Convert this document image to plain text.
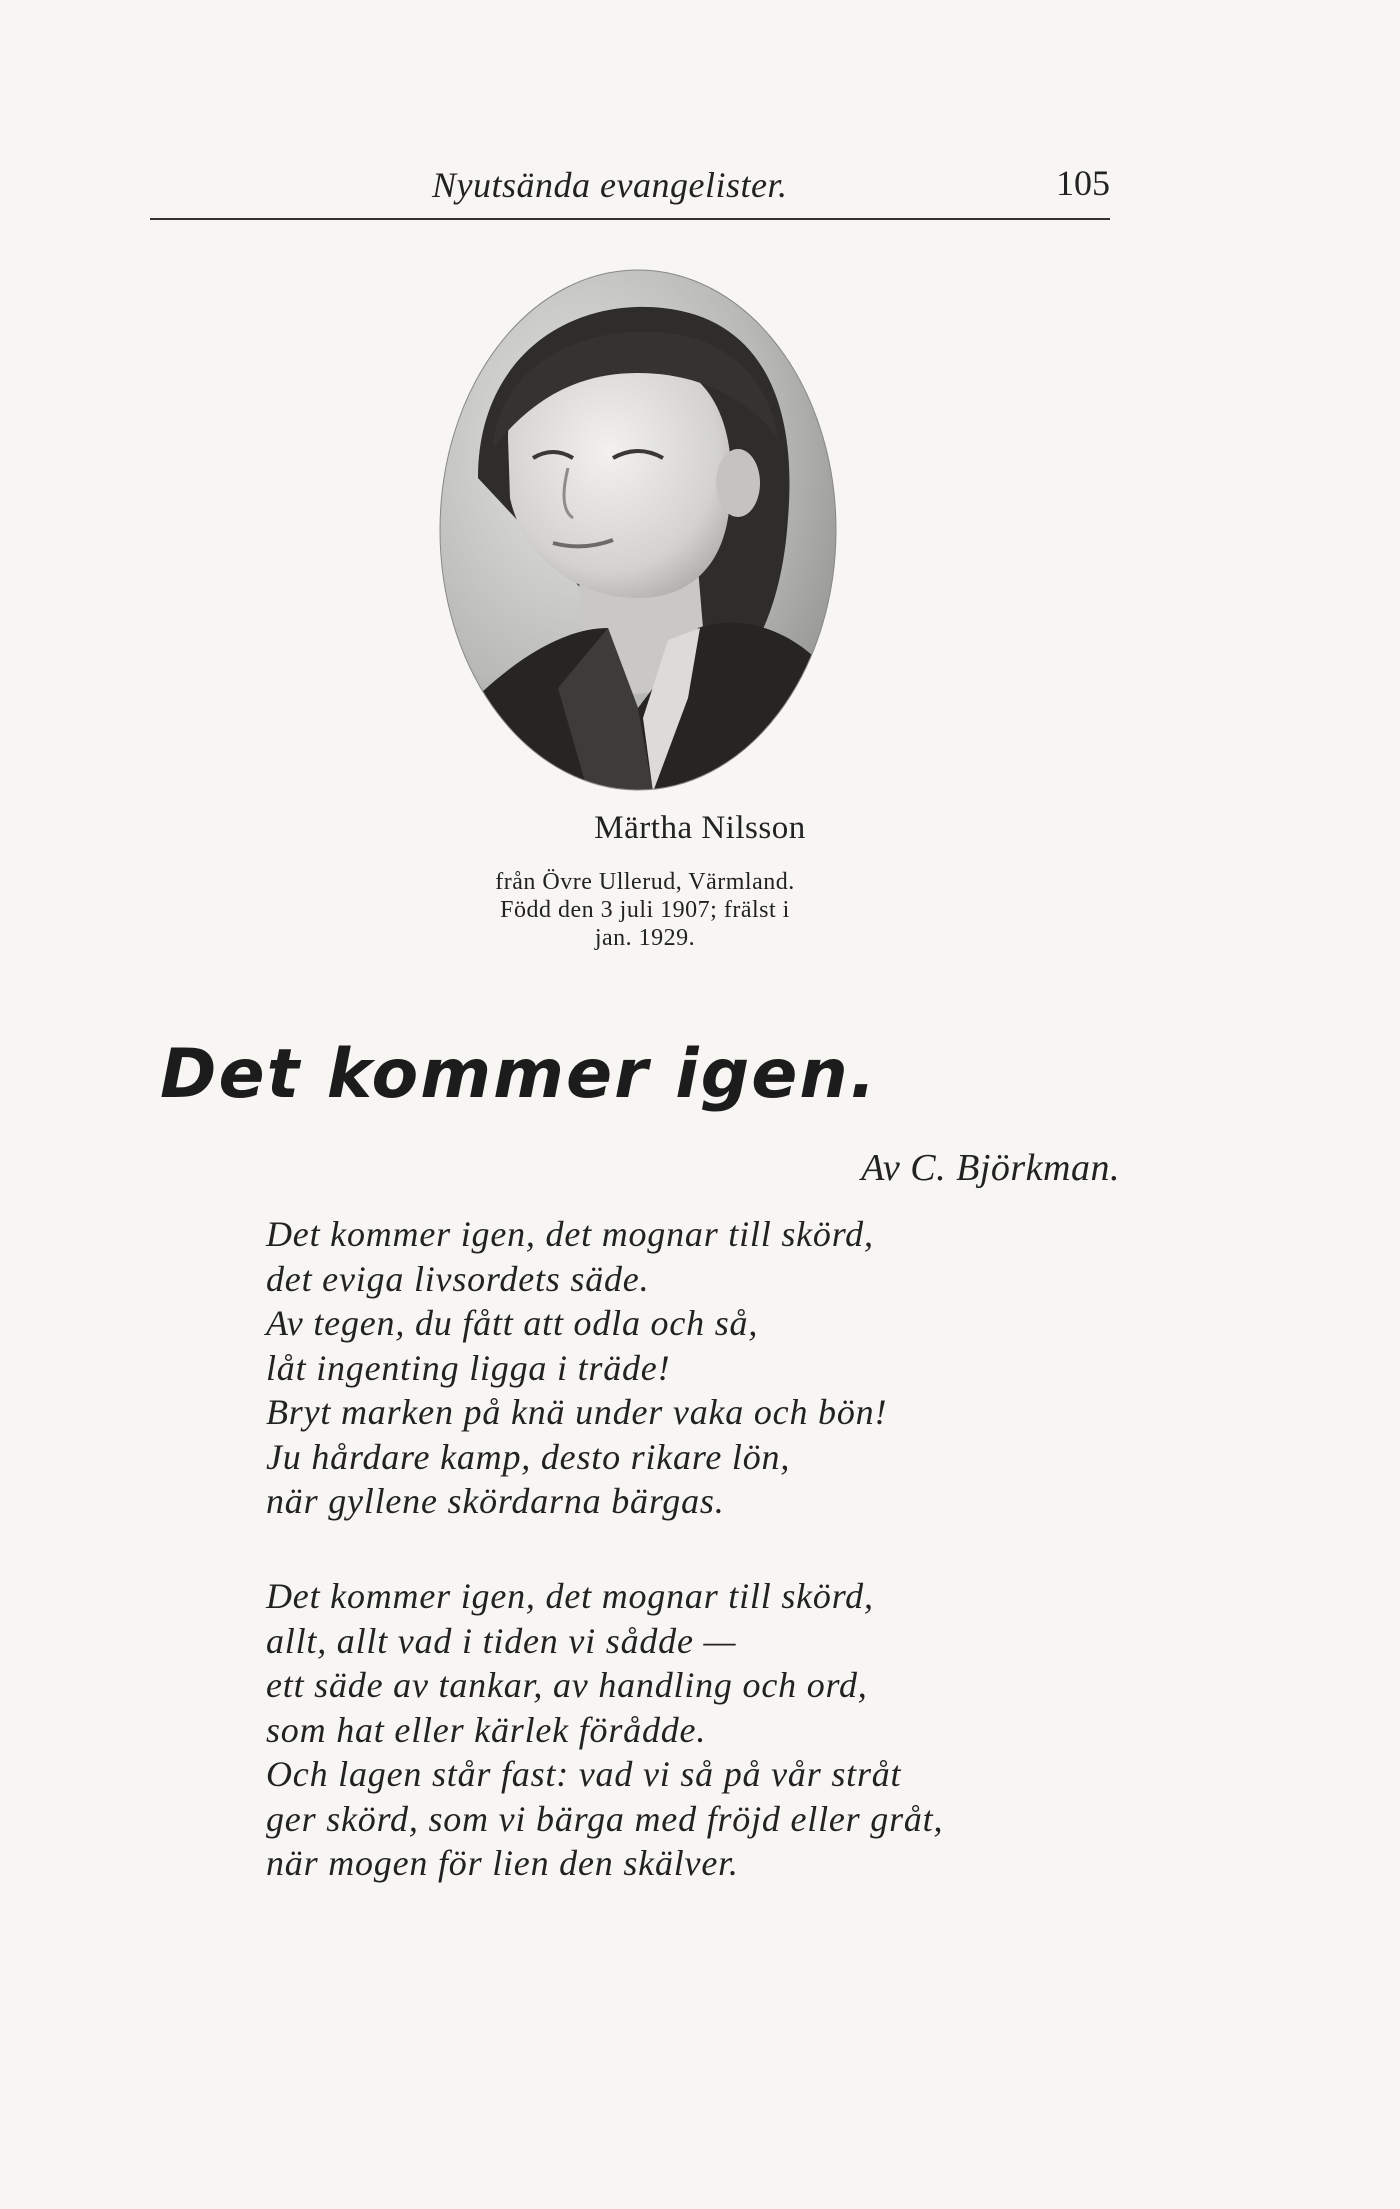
Nyutsända evangelister.	105
Märtha Nilsson
från Övre Ullerud, Värmland.
Född den 3 juli 1907; frälst i
jan. 1929.
Det kommer igen.
Av C. Björkman.
Det kommer igen, det mognar till skörd,
det eviga livsordets säde.
Av tegen, du fått att odla och så,
låt ingenting ligga i träde!
Bryt marken på knä under vaka och bön!
Ju hårdare kamp, desto rikare lön,
när gyllene skördarna bärgas.
Det kommer igen, det mognar till skörd,
allt, allt vad i tiden vi sådde —
ett säde av tankar, av handling och ord,
som hat eller kärlek förådde.
Och lagen står fast: vad vi så på vår stråt
ger skörd, som vi bärga med fröjd eller gråt,
när mogen för lien den skälver.
